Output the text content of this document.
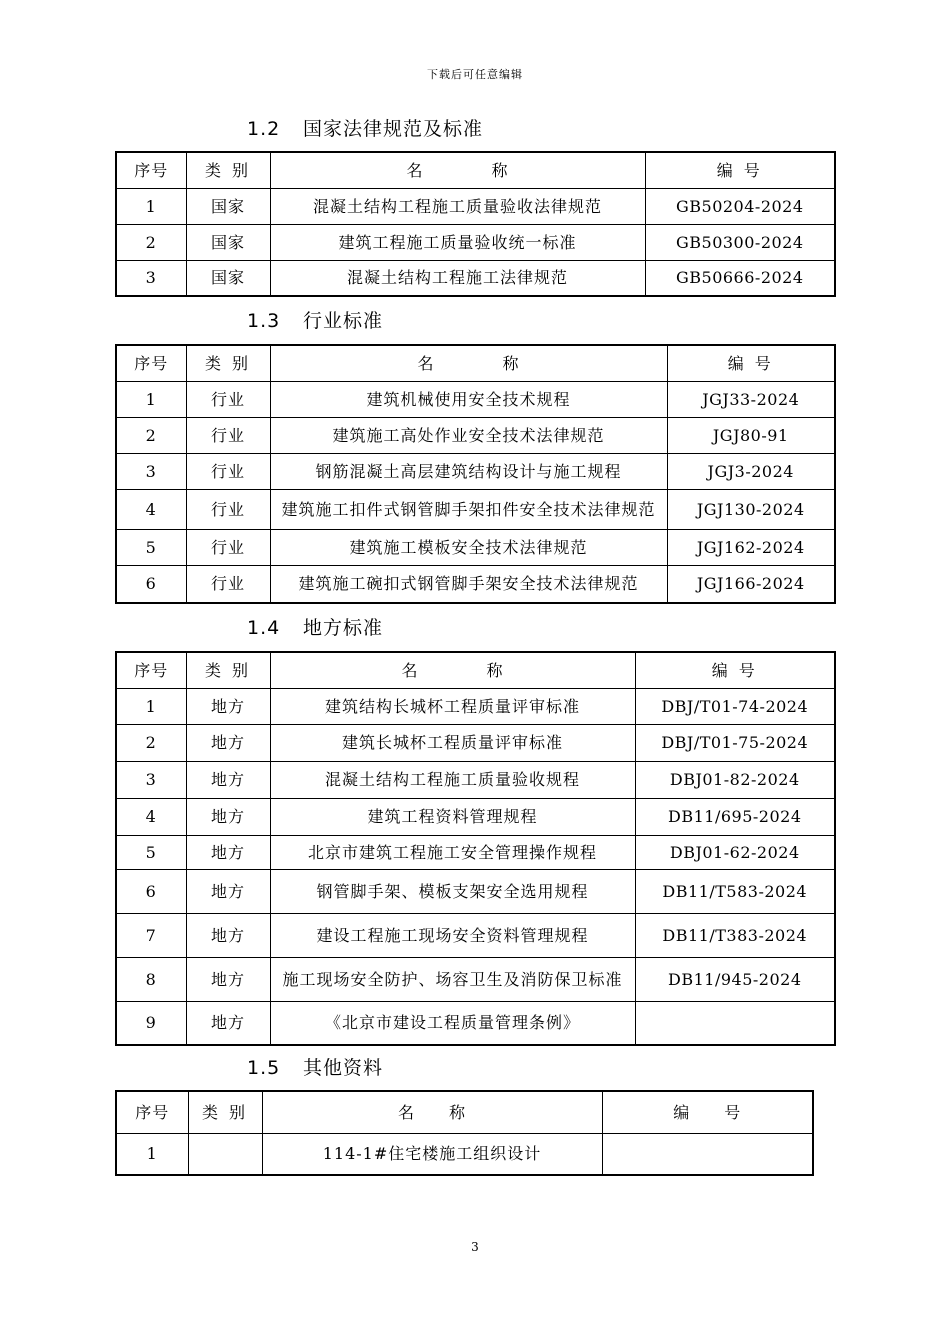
下载后可任意编辑
1.2 国家法律规范及标准
序号	类 别	名　　　　称	编 号
1	国家	混凝土结构工程施工质量验收法律规范	GB50204-2024
2	国家	建筑工程施工质量验收统一标准	GB50300-2024
3	国家	混凝土结构工程施工法律规范	GB50666-2024
1.3 行业标准
序号	类 别	名　　　　称	编 号
1	行业	建筑机械使用安全技术规程	JGJ33-2024
2	行业	建筑施工高处作业安全技术法律规范	JGJ80-91
3	行业	钢筋混凝土高层建筑结构设计与施工规程	JGJ3-2024
4	行业	建筑施工扣件式钢管脚手架扣件安全技术法律规范	JGJ130-2024
5	行业	建筑施工模板安全技术法律规范	JGJ162-2024
6	行业	建筑施工碗扣式钢管脚手架安全技术法律规范	JGJ166-2024
1.4 地方标准
序号	类 别	名　　　　称	编 号
1	地方	建筑结构长城杯工程质量评审标准	DBJ/T01-74-2024
2	地方	建筑长城杯工程质量评审标准	DBJ/T01-75-2024
3	地方	混凝土结构工程施工质量验收规程	DBJ01-82-2024
4	地方	建筑工程资料管理规程	DB11/695-2024
5	地方	北京市建筑工程施工安全管理操作规程	DBJ01-62-2024
6	地方	钢管脚手架、模板支架安全选用规程	DB11/T583-2024
7	地方	建设工程施工现场安全资料管理规程	DB11/T383-2024
8	地方	施工现场安全防护、场容卫生及消防保卫标准	DB11/945-2024
9	地方	《北京市建设工程质量管理条例》	
1.5 其他资料
序号	类 别	名　　称	编　　号
1		114-1#住宅楼施工组织设计	
3
